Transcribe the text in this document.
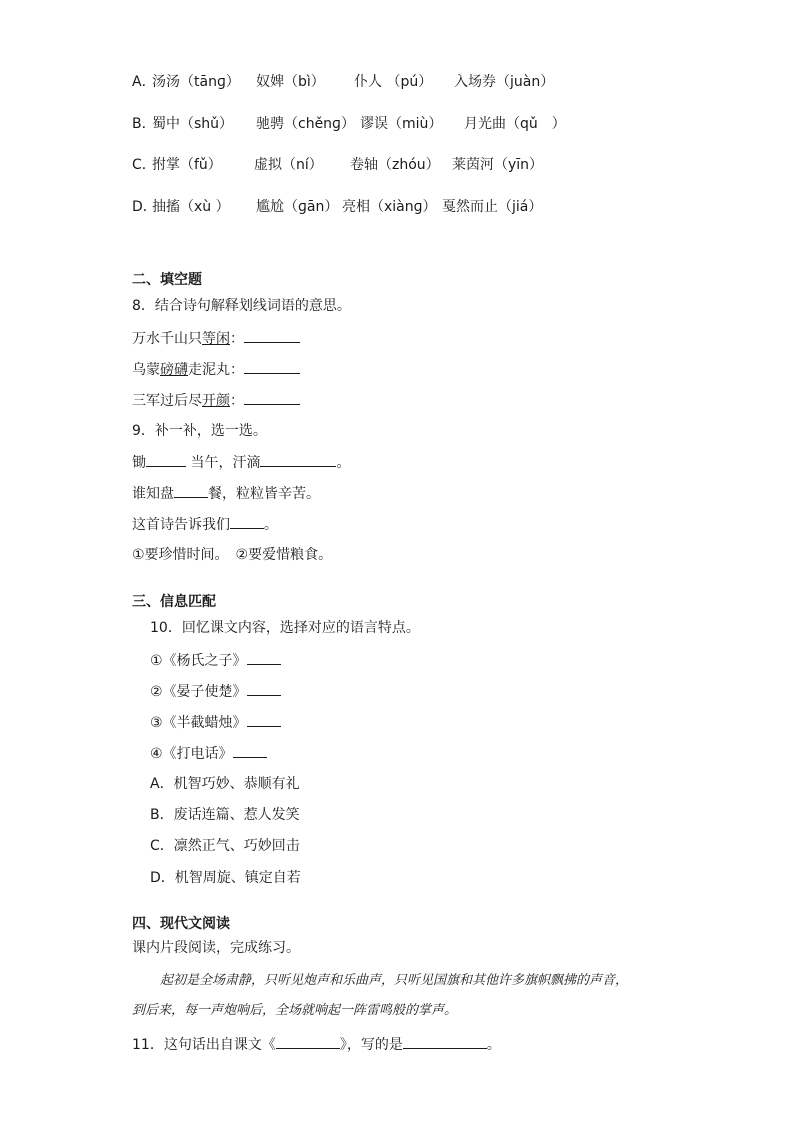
A．
汤汤（tānɡ） 奴婢（bì） 仆人 （pú） 入场券（juàn）
B．
蜀中（shǔ） 驰骋（chěnɡ） 谬误（miù） 月光曲（qǔ　）
C．
拊掌（fǔ） 虚拟（ní） 卷轴（zhóu） 莱茵河（yīn）
D．
抽搐（xù ） 尴尬（ɡān） 亮相（xiànɡ） 戛然而止（jiá）
二、填空题
8．结合诗句解释划线词语的意思。
万水千山只等闲：
乌蒙磅礴走泥丸：
三军过后尽开颜：
9．补一补，选一选。
锄	当午，汗滴	。
谁知盘 餐，粒粒皆辛苦。
这首诗告诉我们 。
①要珍惜时间。　②要爱惜粮食。
三、信息匹配
10．回忆课文内容，选择对应的语言特点。
①《杨氏之子》
②《晏子使楚》
③《半截蜡烛》
④《打电话》
A．机智巧妙、恭顺有礼
B．废话连篇、惹人发笑
C．凛然正气、巧妙回击
D．机智周旋、镇定自若
四、现代文阅读
课内片段阅读，完成练习。
起初是全场肃静，只听见炮声和乐曲声，只听见国旗和其他许多旗帜飘拂的声音，
到后来，每一声炮响后，全场就响起一阵雷鸣般的掌声。
11．这句话出自课文《	》，写的是	。
